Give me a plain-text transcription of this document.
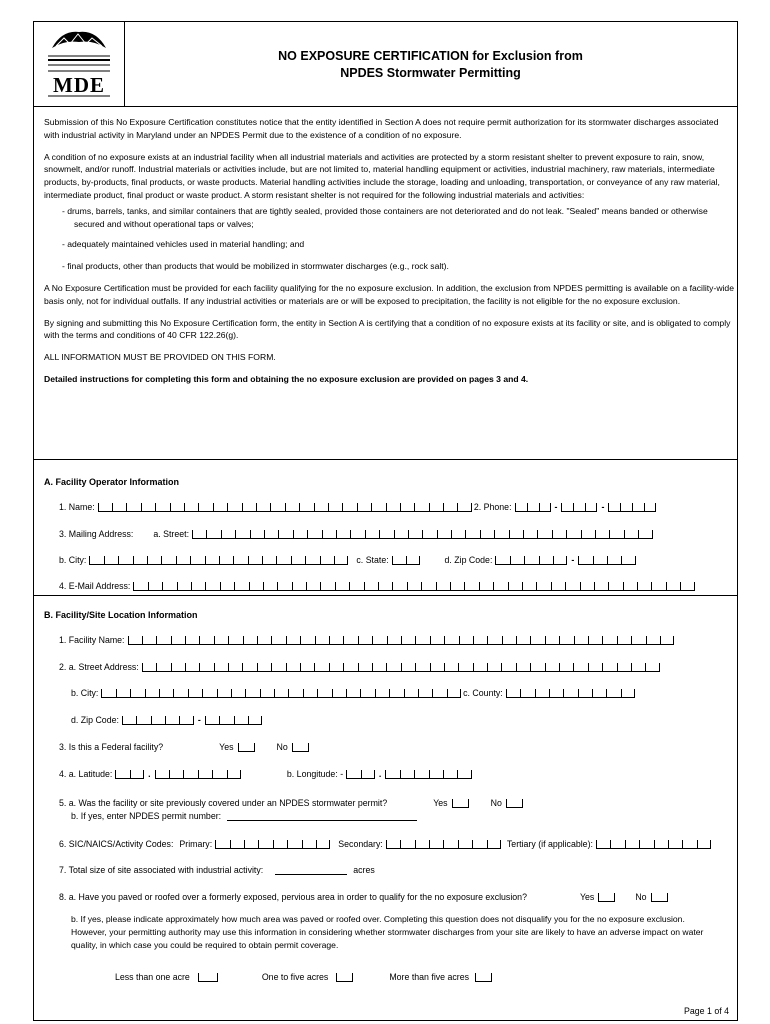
MDE
NO EXPOSURE CERTIFICATION for Exclusion from
NPDES Stormwater Permitting

Submission of this No Exposure Certification constitutes notice that the entity identified in Section A does not require permit authorization for its stormwater discharges associated with industrial activity in Maryland under an NPDES Permit due to the existence of a condition of no exposure.

A condition of no exposure exists at an industrial facility when all industrial materials and activities are protected by a storm resistant shelter to prevent exposure to rain, snow, snowmelt, and/or runoff. Industrial materials or activities include, but are not limited to, material handling equipment or activities, industrial machinery, raw materials, intermediate products, by-products, final products, or waste products. Material handling activities include the storage, loading and unloading, transportation, or conveyance of any raw material, intermediate product, final product or waste product. A storm resistant shelter is not required for the following industrial materials and activities:

- drums, barrels, tanks, and similar containers that are tightly sealed, provided those containers are not deteriorated and do not leak. "Sealed" means banded or otherwise secured and without operational taps or valves;
- adequately maintained vehicles used in material handling; and
- final products, other than products that would be mobilized in stormwater discharges (e.g., rock salt).

A No Exposure Certification must be provided for each facility qualifying for the no exposure exclusion. In addition, the exclusion from NPDES permitting is available on a facility-wide basis only, not for individual outfalls. If any industrial activities or materials are or will be exposed to precipitation, the facility is not eligible for the no exposure exclusion.

By signing and submitting this No Exposure Certification form, the entity in Section A is certifying that a condition of no exposure exists at its facility or site, and is obligated to comply with the terms and conditions of 40 CFR 122.26(g).

ALL INFORMATION MUST BE PROVIDED ON THIS FORM.

Detailed instructions for completing this form and obtaining the no exposure exclusion are provided on pages 3 and 4.

A. Facility Operator Information
1. Name:	2. Phone:	-	-
3. Mailing Address: a. Street:
b. City:	c. State:	d. Zip Code:	-
4. E-Mail Address:
B. Facility/Site Location Information
1. Facility Name:
2. a. Street Address:
b. City:	c. County:
d. Zip Code:	-
3. Is this a Federal facility?	Yes	No
4. a. Latitude:	.	b. Longitude: -	.
5. a. Was the facility or site previously covered under an NPDES stormwater permit?	Yes	No
b. If yes, enter NPDES permit number:
6. SIC/NAICS/Activity Codes: Primary:	Secondary:	Tertiary (if applicable):
7. Total size of site associated with industrial activity:	acres
8. a. Have you paved or roofed over a formerly exposed, pervious area in order to qualify for the no exposure exclusion?	Yes	No

b. If yes, please indicate approximately how much area was paved or roofed over. Completing this question does not disqualify you for the no exposure exclusion. However, your permitting authority may use this information in considering whether stormwater discharges from your site are likely to have an adverse impact on water quality, in which case you could be required to obtain permit coverage.

Less than one acre	One to five acres	More than five acres
Page 1 of 4
